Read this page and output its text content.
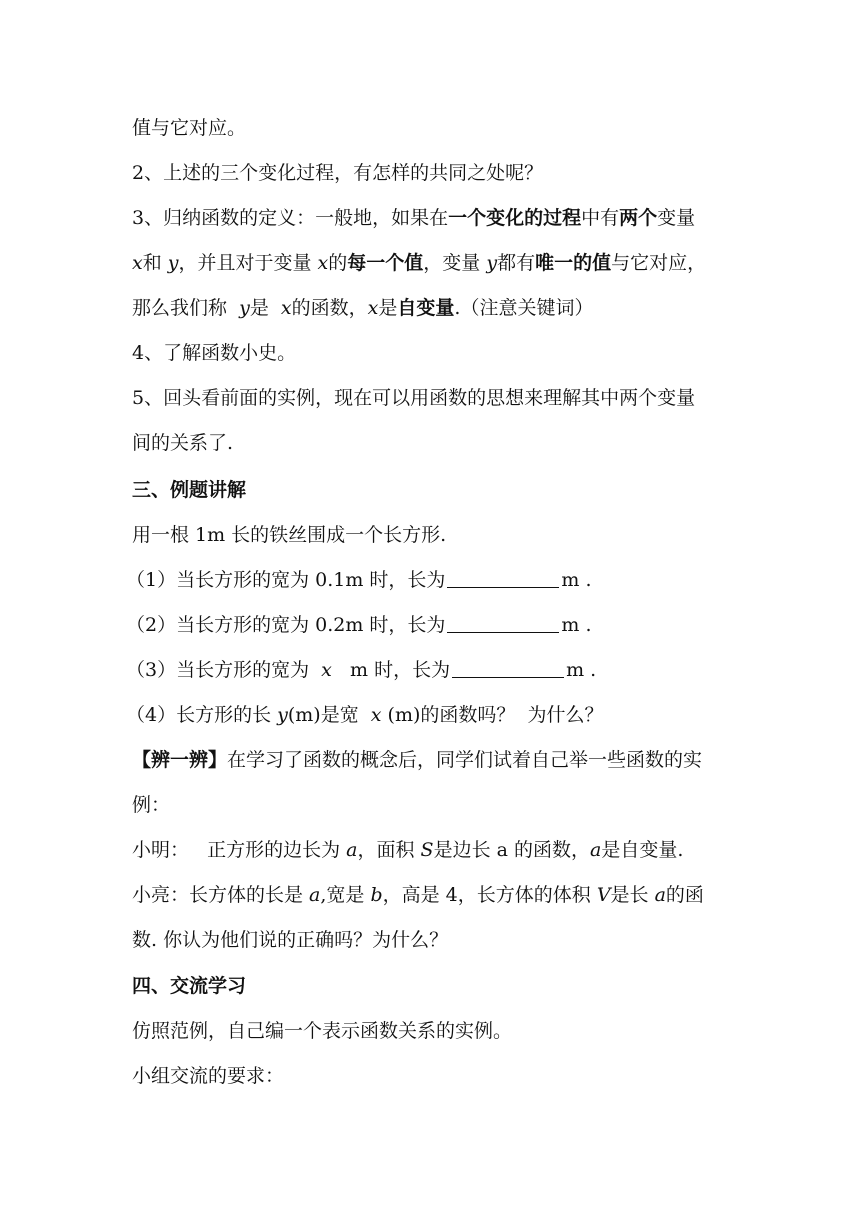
值与它对应。
2、上述的三个变化过程，有怎样的共同之处呢？
3、归纳函数的定义：一般地，如果在一个变化的过程中有两个变量
x和 y，并且对于变量 x的每一个值，变量 y都有唯一的值与它对应，
那么我们称  y是  x的函数，x是自变量.（注意关键词）
4、了解函数小史。
5、回头看前面的实例，现在可以用函数的思想来理解其中两个变量
间的关系了.
三、例题讲解
用一根 1m 长的铁丝围成一个长方形.
（1）当长方形的宽为 0.1m 时，长为	m .
（2）当长方形的宽为 0.2m 时，长为	m .
（3）当长方形的宽为  x   m 时，长为	m .
（4）长方形的长 y(m)是宽  x (m)的函数吗？  为什么？
【辨一辨】在学习了函数的概念后，同学们试着自己举一些函数的实
例：
小明：   正方形的边长为 a，面积 S是边长 a 的函数，a是自变量.
小亮：长方体的长是 a,宽是 b，高是 4，长方体的体积 V是长 a的函
数. 你认为他们说的正确吗？为什么？
四、交流学习
仿照范例，自己编一个表示函数关系的实例。
小组交流的要求：
